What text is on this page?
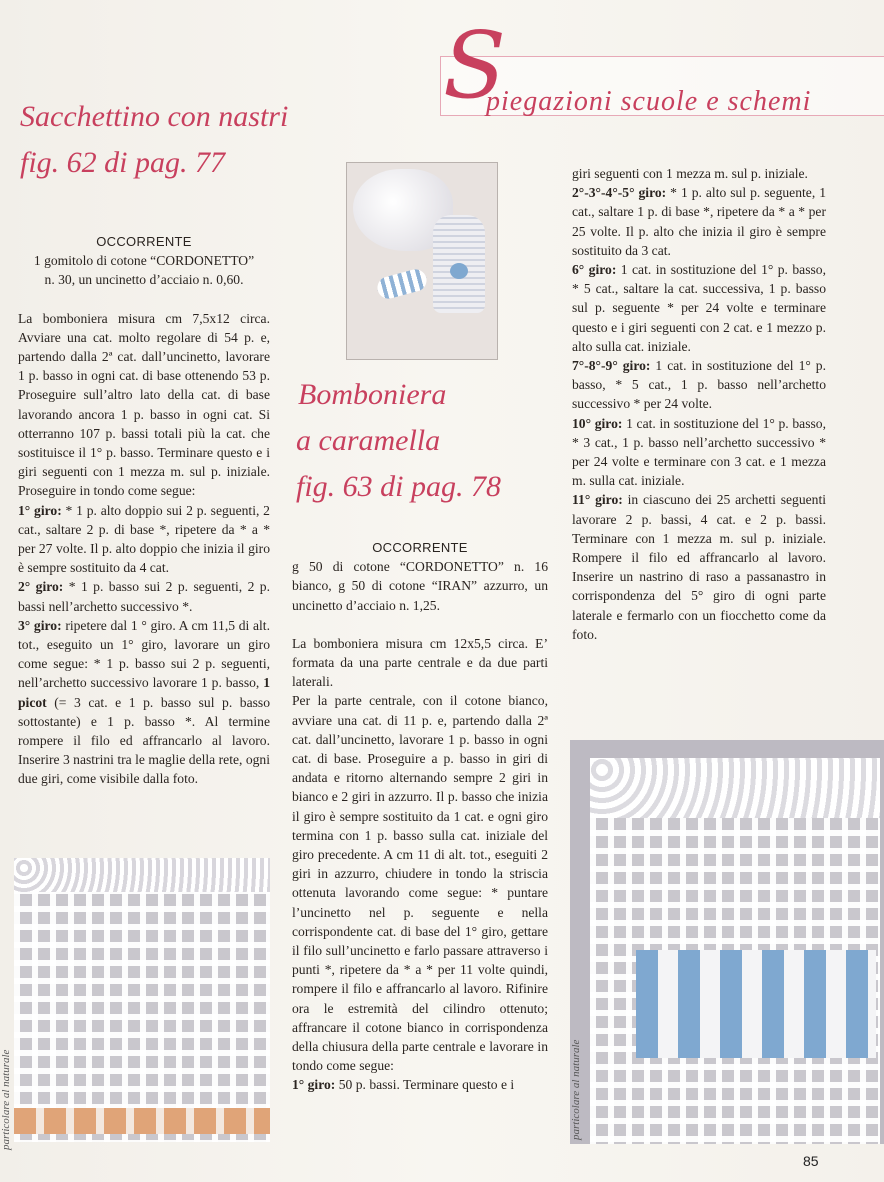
S
piegazioni scuole e schemi
Sacchettino con nastri
fig. 62 di pag. 77

OCCORRENTE

1 gomitolo di cotone “CORDONETTO”

n. 30, un uncinetto d’acciaio n. 0,60.

La bomboniera misura cm 7,5x12 circa. Avviare una cat. molto regolare di 54 p. e, partendo dalla 2ª cat. dall’uncinetto, lavorare 1 p. basso in ogni cat. di base ottenendo 53 p. Proseguire sull’altro lato della cat. di base lavorando ancora 1 p. basso in ogni cat. Si otterranno 107 p. bassi totali più la cat. che sostituisce il 1° p. basso. Terminare questo e i giri seguenti con 1 mezza m. sul p. iniziale. Proseguire in tondo come segue:

1° giro: * 1 p. alto doppio sui 2 p. seguenti, 2 cat., saltare 2 p. di base *, ripetere da * a * per 27 volte. Il p. alto doppio che inizia il giro è sempre sostituito da 4 cat.

2° giro: * 1 p. basso sui 2 p. seguenti, 2 p. bassi nell’archetto successivo *.

3° giro: ripetere dal 1 ° giro. A cm 11,5 di alt. tot., eseguito un 1° giro, lavorare un giro come segue: * 1 p. basso sui 2 p. seguenti, nell’archetto successivo lavorare 1 p. basso, 1 picot (= 3 cat. e 1 p. basso sul p. basso sottostante) e 1 p. basso *. Al termine rompere il filo ed affrancarlo al lavoro. Inserire 3 nastrini tra le maglie della rete, ogni due giri, come visibile dalla foto.

particolare al naturale
Bomboniera
a caramella
fig. 63 di pag. 78

OCCORRENTE

g 50 di cotone “CORDONETTO” n. 16 bianco, g 50 di cotone “IRAN” azzurro, un uncinetto d’acciaio n. 1,25.

La bomboniera misura cm 12x5,5 circa. E’ formata da una parte centrale e da due parti laterali.

Per la parte centrale, con il cotone bianco, avviare una cat. di 11 p. e, partendo dalla 2ª cat. dall’uncinetto, lavorare 1 p. basso in ogni cat. di base. Proseguire a p. basso in giri di andata e ritorno alternando sempre 2 giri in bianco e 2 giri in azzurro. Il p. basso che inizia il giro è sempre sostituito da 1 cat. e ogni giro termina con 1 p. basso sulla cat. iniziale del giro precedente. A cm 11 di alt. tot., eseguiti 2 giri in azzurro, chiudere in tondo la striscia ottenuta lavorando come segue: * puntare l’uncinetto nel p. seguente e nella corrispondente cat. di base del 1° giro, gettare il filo sull’uncinetto e farlo passare attraverso i punti *, ripetere da * a * per 11 volte quindi, rompere il filo e affrancarlo al lavoro. Rifinire ora le estremità del cilindro ottenuto; affrancare il cotone bianco in corrispondenza della chiusura della parte centrale e lavorare in tondo come segue:

1° giro: 50 p. bassi. Terminare questo e i

giri seguenti con 1 mezza m. sul p. iniziale.

2°-3°-4°-5° giro: * 1 p. alto sul p. seguente, 1 cat., saltare 1 p. di base *, ripetere da * a * per 25 volte. Il p. alto che inizia il giro è sempre sostituito da 3 cat.

6° giro: 1 cat. in sostituzione del 1° p. basso, * 5 cat., saltare la cat. successiva, 1 p. basso sul p. seguente * per 24 volte e terminare questo e i giri seguenti con 2 cat. e 1 mezzo p. alto sulla cat. iniziale.

7°-8°-9° giro: 1 cat. in sostituzione del 1° p. basso, * 5 cat., 1 p. basso nell’archetto successivo * per 24 volte.

10° giro: 1 cat. in sostituzione del 1° p. basso, * 3 cat., 1 p. basso nell’archetto successivo * per 24 volte e terminare con 3 cat. e 1 mezza m. sulla cat. iniziale.

11° giro: in ciascuno dei 25 archetti seguenti lavorare 2 p. bassi, 4 cat. e 2 p. bassi. Terminare con 1 mezza m. sul p. iniziale. Rompere il filo ed affrancarlo al lavoro. Inserire un nastrino di raso a passanastro in corrispondenza del 5° giro di ogni parte laterale e fermarlo con un fiocchetto come da foto.

particolare al naturale
85
